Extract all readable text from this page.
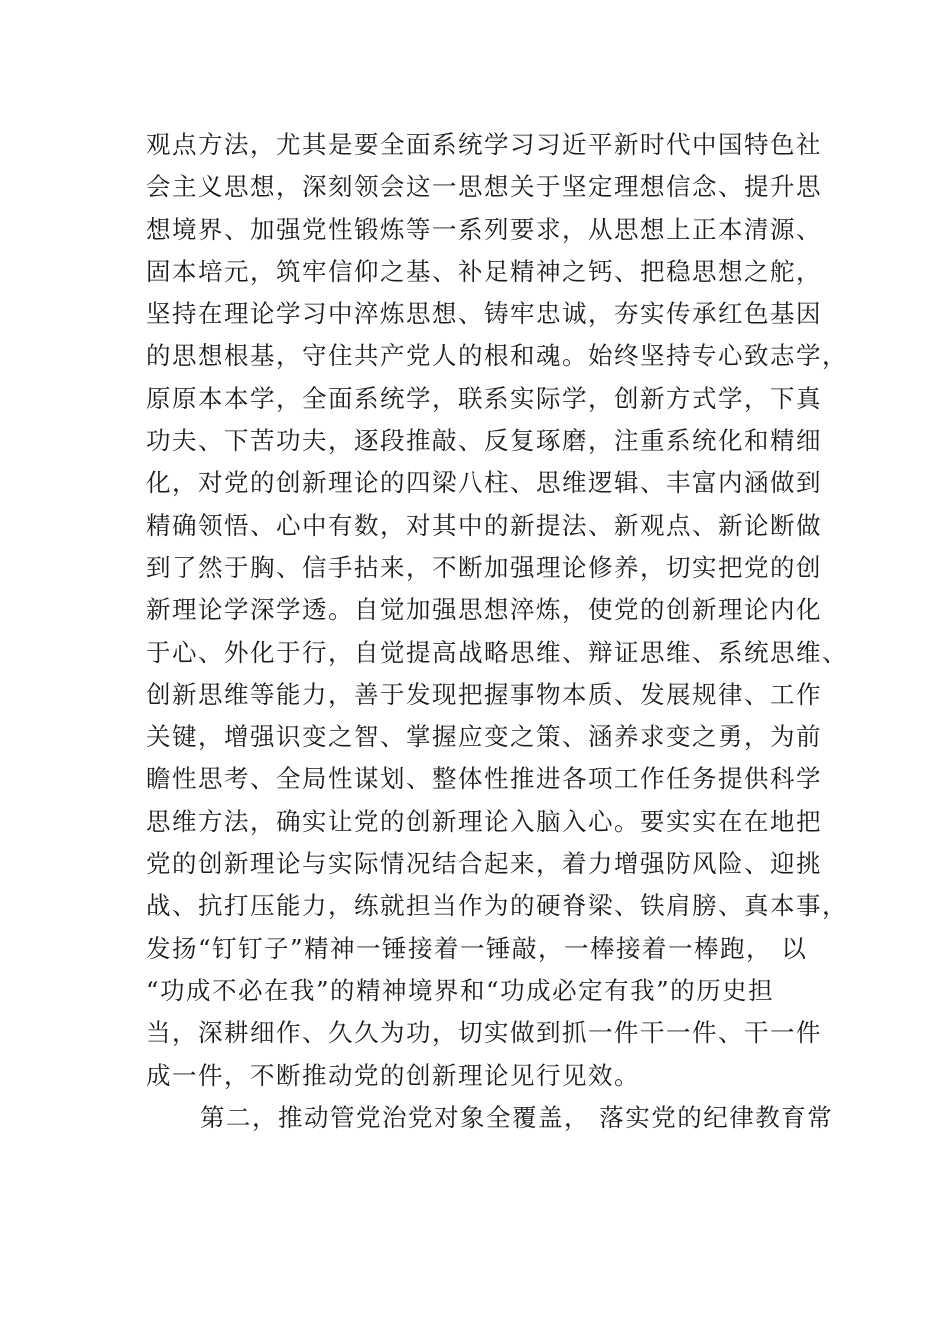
观点方法，尤其是要全面系统学习习近平新时代中国特色社
会主义思想，深刻领会这一思想关于坚定理想信念、提升思
想境界、加强党性锻炼等一系列要求，从思想上正本清源、
固本培元，筑牢信仰之基、补足精神之钙、把稳思想之舵，
坚持在理论学习中淬炼思想、铸牢忠诚，夯实传承红色基因
的思想根基，守住共产党人的根和魂。始终坚持专心致志学，
原原本本学，全面系统学，联系实际学，创新方式学，下真
功夫、下苦功夫，逐段推敲、反复琢磨，注重系统化和精细
化，对党的创新理论的四梁八柱、思维逻辑、丰富内涵做到
精确领悟、心中有数，对其中的新提法、新观点、新论断做
到了然于胸、信手拈来，不断加强理论修养，切实把党的创
新理论学深学透。自觉加强思想淬炼，使党的创新理论内化
于心、外化于行，自觉提高战略思维、辩证思维、系统思维、
创新思维等能力，善于发现把握事物本质、发展规律、工作
关键，增强识变之智、掌握应变之策、涵养求变之勇，为前
瞻性思考、全局性谋划、整体性推进各项工作任务提供科学
思维方法，确实让党的创新理论入脑入心。要实实在在地把
党的创新理论与实际情况结合起来，着力增强防风险、迎挑
战、抗打压能力，练就担当作为的硬脊梁、铁肩膀、真本事，
发扬“钉钉子”精神一锤接着一锤敲，一棒接着一棒跑， 以
“功成不必在我”的精神境界和“功成必定有我”的历史担
当，深耕细作、久久为功，切实做到抓一件干一件、干一件
成一件，不断推动党的创新理论见行见效。
第二，推动管党治党对象全覆盖， 落实党的纪律教育常
